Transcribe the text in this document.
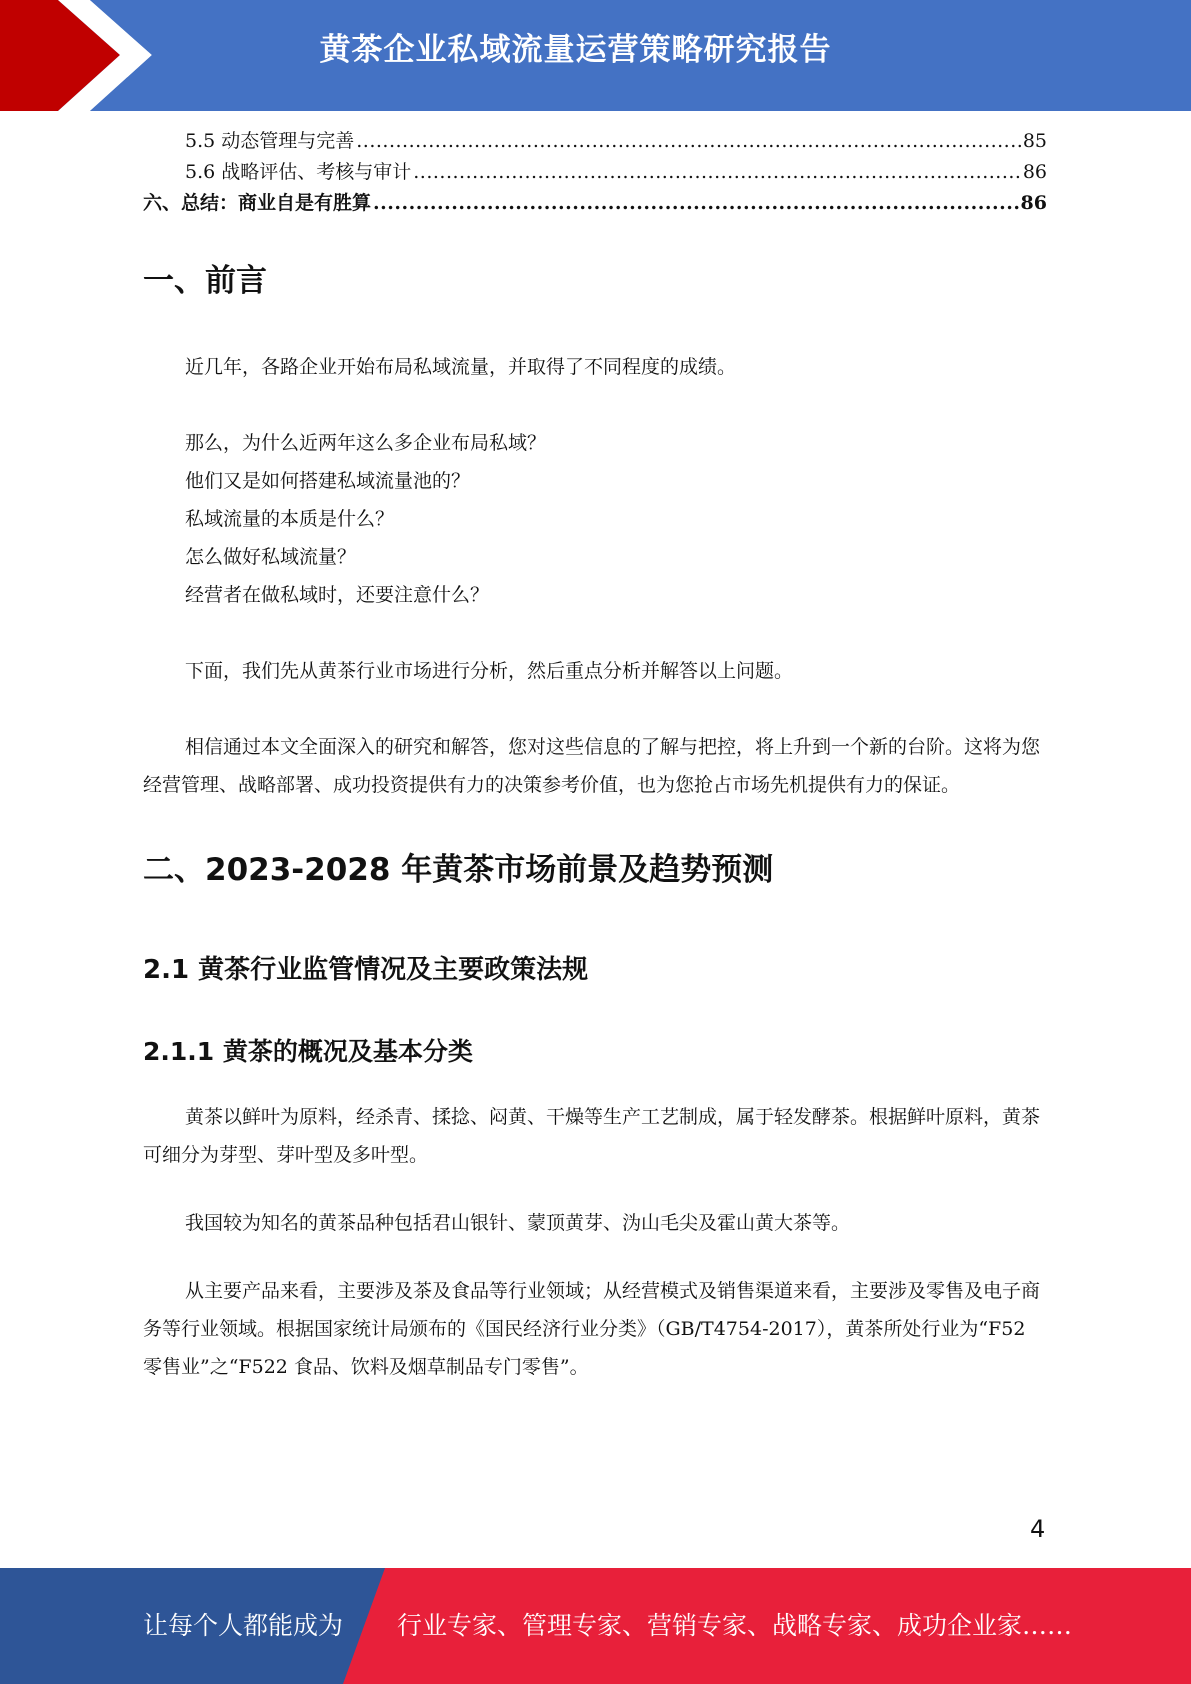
黄茶企业私域流量运营策略研究报告
5.5 动态管理与完善 .....	85
5.6 战略评估、考核与审计 .....	86
六、总结：商业自是有胜算 .....	86
一、前言

近几年，各路企业开始布局私域流量，并取得了不同程度的成绩。

那么，为什么近两年这么多企业布局私域？

他们又是如何搭建私域流量池的？

私域流量的本质是什么？

怎么做好私域流量？

经营者在做私域时，还要注意什么？

下面，我们先从黄茶行业市场进行分析，然后重点分析并解答以上问题。

相信通过本文全面深入的研究和解答，您对这些信息的了解与把控，将上升到一个新的台阶。这将为您经营管理、战略部署、成功投资提供有力的决策参考价值，也为您抢占市场先机提供有力的保证。

二、2023-2028 年黄茶市场前景及趋势预测
2.1 黄茶行业监管情况及主要政策法规
2.1.1 黄茶的概况及基本分类

黄茶以鲜叶为原料，经杀青、揉捻、闷黄、干燥等生产工艺制成，属于轻发酵茶。根据鲜叶原料，黄茶可细分为芽型、芽叶型及多叶型。

我国较为知名的黄茶品种包括君山银针、蒙顶黄芽、沩山毛尖及霍山黄大茶等。

从主要产品来看，主要涉及茶及食品等行业领域；从经营模式及销售渠道来看，主要涉及零售及电子商务等行业领域。根据国家统计局颁布的《国民经济行业分类》（GB/T4754-2017），黄茶所处行业为“F52 零售业”之“F522 食品、饮料及烟草制品专门零售”。

4
让每个人都能成为 行业专家、管理专家、营销专家、战略专家、成功企业家……
